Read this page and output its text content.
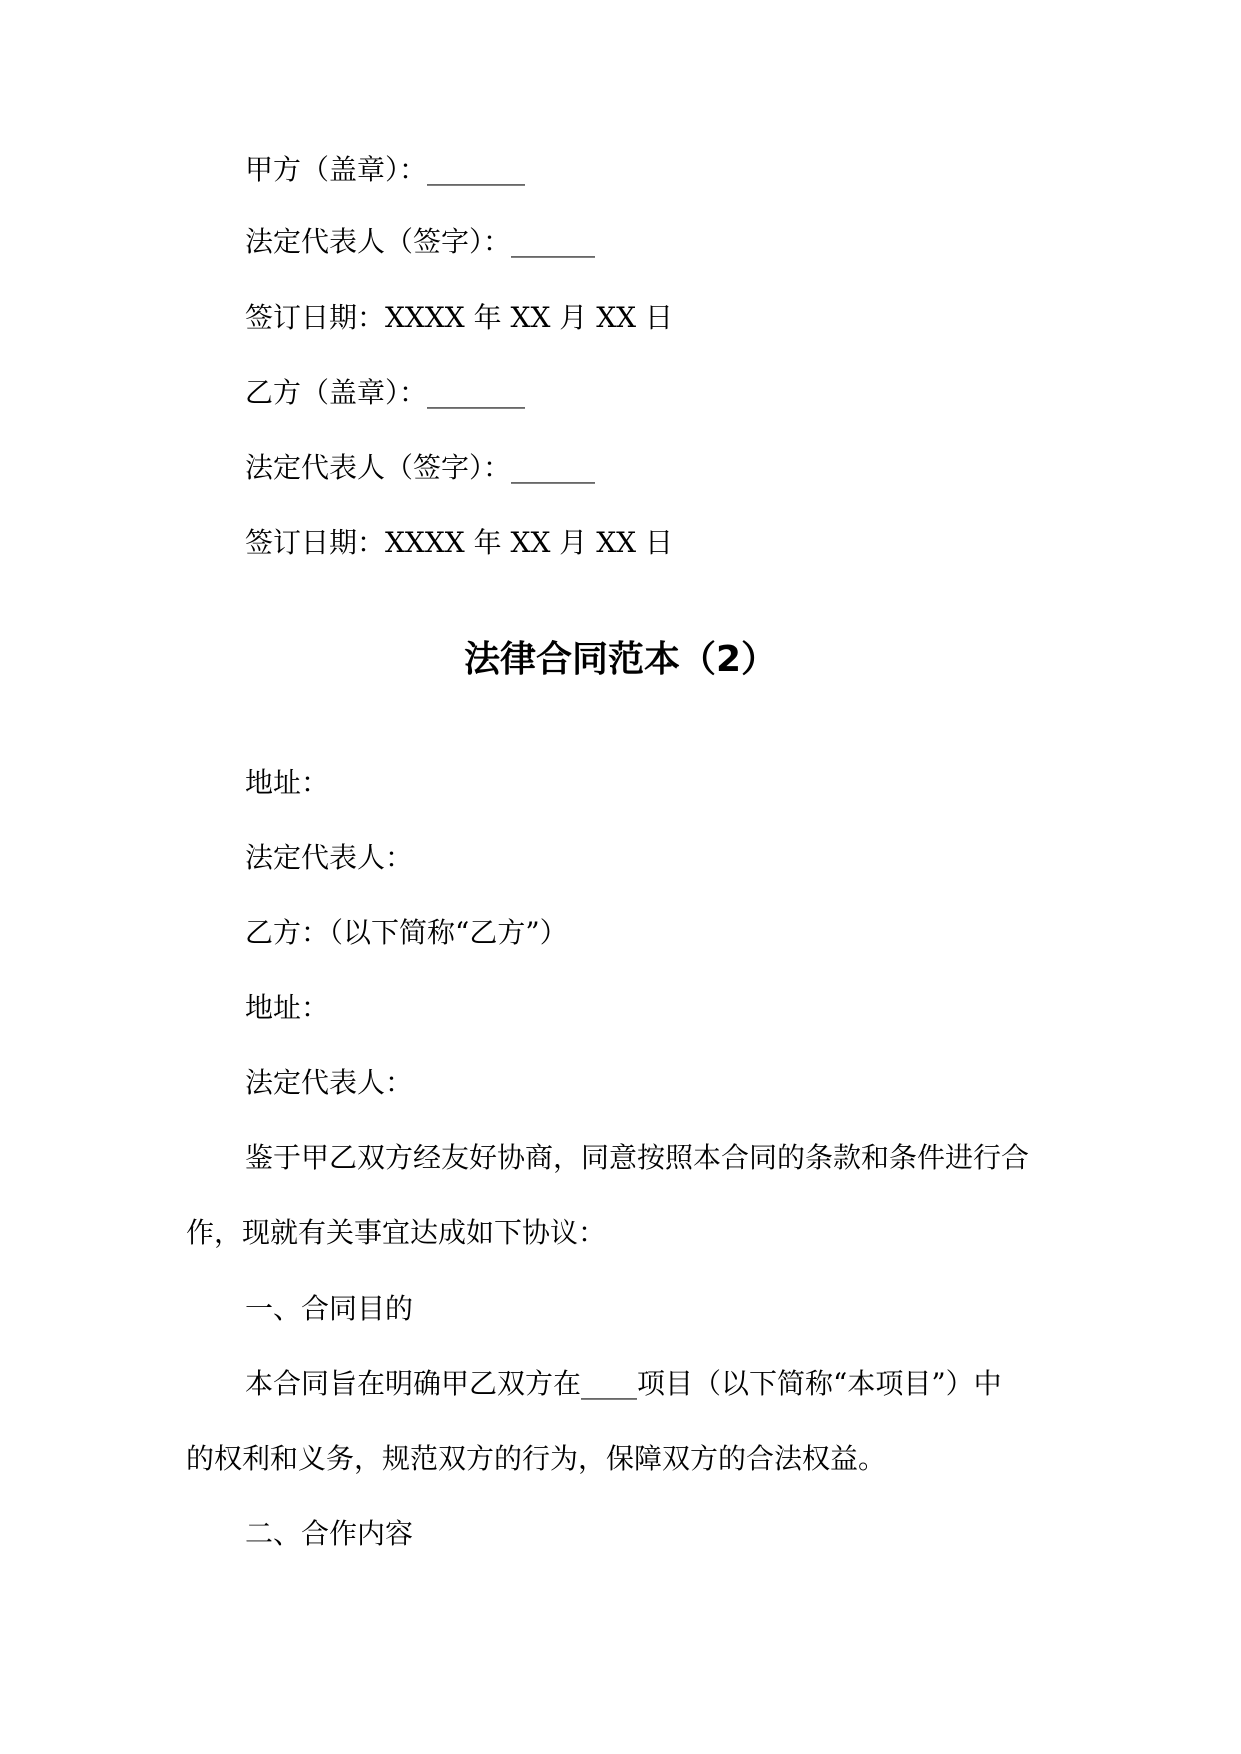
甲方（盖章）：_______

法定代表人（签字）：______

签订日期：XXXX 年 XX 月 XX 日

乙方（盖章）：_______

法定代表人（签字）：______

签订日期：XXXX 年 XX 月 XX 日

法律合同范本（2）

地址：

法定代表人：

乙方：（以下简称“乙方”）

地址：

法定代表人：

鉴于甲乙双方经友好协商，同意按照本合同的条款和条件进行合

作，现就有关事宜达成如下协议：

一、合同目的

本合同旨在明确甲乙双方在____项目（以下简称“本项目”）中

的权利和义务，规范双方的行为，保障双方的合法权益。

二、合作内容
